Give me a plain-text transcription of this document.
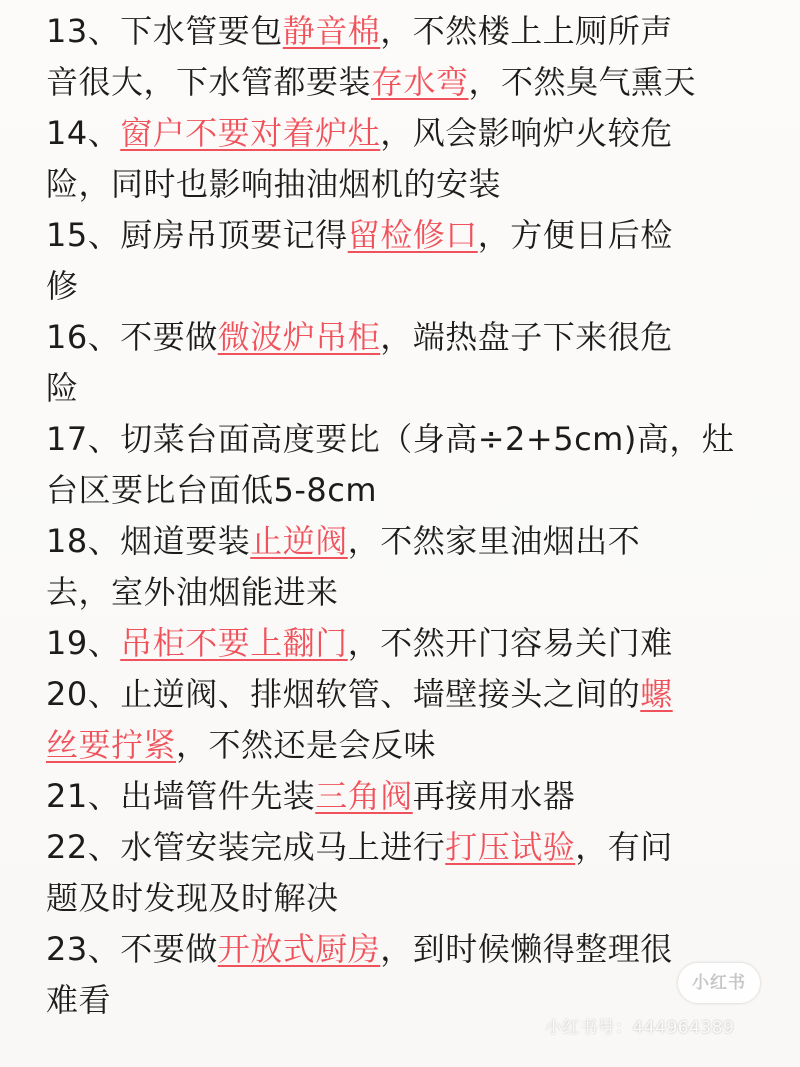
13、下水管要包静音棉，不然楼上上厕所声
音很大，下水管都要装存水弯，不然臭气熏天
14、窗户不要对着炉灶，风会影响炉火较危
险，同时也影响抽油烟机的安装
15、厨房吊顶要记得留检修口，方便日后检
修
16、不要做微波炉吊柜，端热盘子下来很危
险
17、切菜台面高度要比（身高÷2+5cm)高，灶
台区要比台面低5-8cm
18、烟道要装止逆阀，不然家里油烟出不
去，室外油烟能进来
19、吊柜不要上翻门，不然开门容易关门难
20、止逆阀、排烟软管、墙壁接头之间的螺
丝要拧紧，不然还是会反味
21、出墙管件先装三角阀再接用水器
22、水管安装完成马上进行打压试验，有问
题及时发现及时解决
23、不要做开放式厨房，到时候懒得整理很
难看	小红书
小红书号：444964389
